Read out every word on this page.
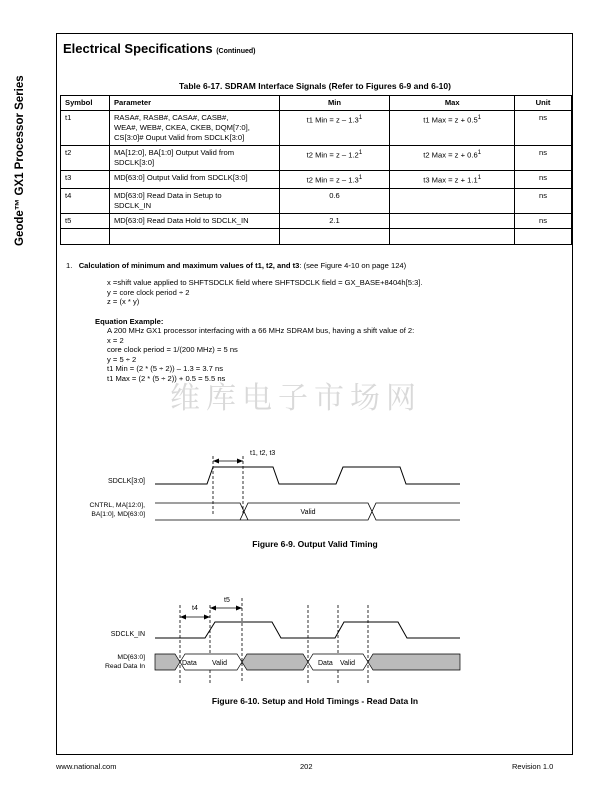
Geode™ GX1 Processor Series
Electrical Specifications (Continued)
Table 6-17. SDRAM Interface Signals (Refer to Figures 6-9 and 6-10)
Symbol	Parameter	Min	Max	Unit
t1	RASA#, RASB#, CASA#, CASB#,
WEA#, WEB#, CKEA, CKEB, DQM[7:0],
CS[3:0]# Ouput Valid from SDCLK[3:0]	t1 Min = z – $1.3^1$	t1 Max = $z + 0.5^1$	ns
t2	MA[12:0], BA[1:0] Output Valid from
SDCLK[3:0]	t2 Min = z – $1.2^1$	t2 Max = $z + 0.6^1$	ns
t3	MD[63:0] Output Valid from SDCLK[3:0]	t2 Min = z – $1.3^1$	t3 Max = $z + 1.1^1$	ns
t4	MD[63:0] Read Data in Setup to
SDCLK_IN	0.6		ns
t5	MD[63:0] Read Data Hold to SDCLK_IN	2.1		ns

1. Calculation of minimum and maximum values of t1, t2, and t3: (see Figure 4-10 on page 124)
x =shift value applied to SHFTSDCLK field where SHFTSDCLK field = GX_BASE+8404h[5:3].
y = core clock period ÷ 2
z = (x * y)
Equation Example:
A 200 MHz GX1 processor interfacing with a 66 MHz SDRAM bus, having a shift value of 2:
x = 2
core clock period = 1/(200 MHz) = 5 ns
y = 5 ÷ 2
t1 Min = (2 * (5 ÷ 2)) – 1.3 = 3.7 ns
t1 Max = (2 * (5 ÷ 2)) + 0.5 = 5.5 ns
维库电子市场网
t1, t2, t3
SDCLK[3:0]
CNTRL, MA[12:0],
BA[1:0], MD[63:0]	Valid
Figure 6-9. Output Valid Timing
t4
t5
SDCLK_IN
MD[63:0]
Read Data In	Data Valid	Data Valid
Figure 6-10. Setup and Hold Timings - Read Data In
www.national.com	202	Revision 1.0
